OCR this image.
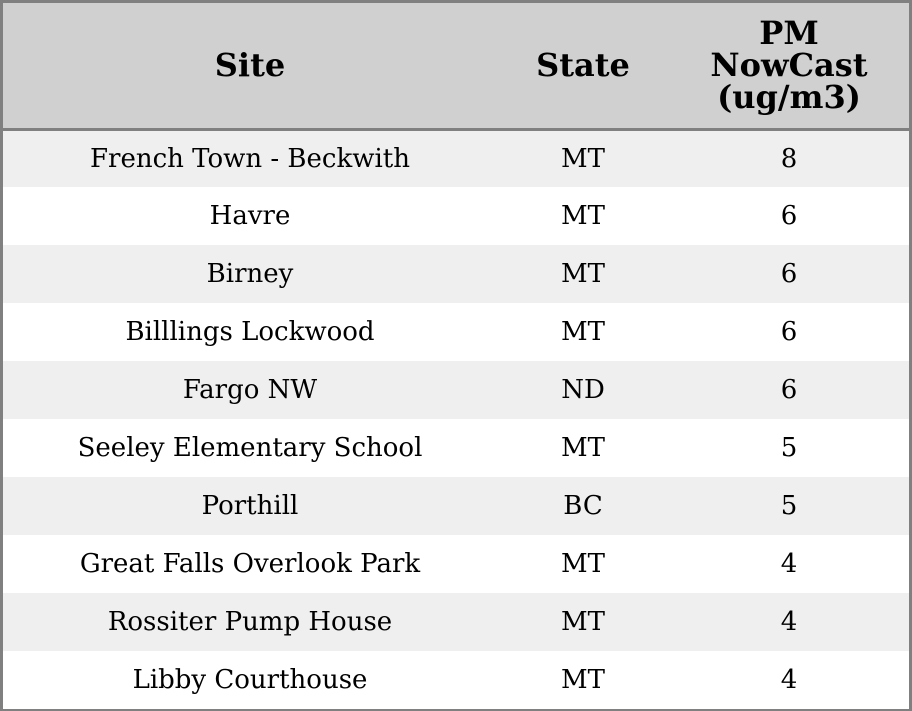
Site	State	PM
NowCast
(ug/m3)

French Town - Beckwith	MT	8
Havre	MT	6
Birney	MT	6
Billlings Lockwood	MT	6
Fargo NW	ND	6
Seeley Elementary School	MT	5
Porthill	BC	5
Great Falls Overlook Park	MT	4
Rossiter Pump House	MT	4
Libby Courthouse	MT	4
